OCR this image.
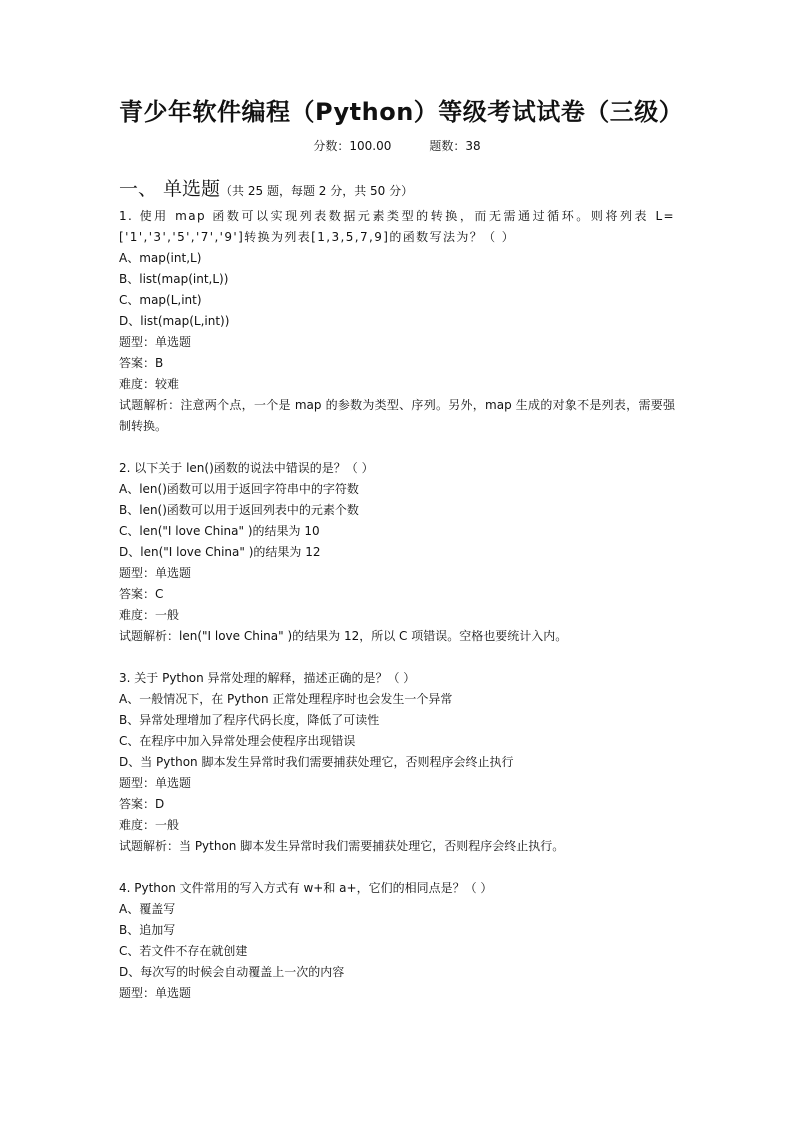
青少年软件编程（Python）等级考试试卷（三级）
分数：100.00	题数：38
一、 单选题（共 25 题，每题 2 分，共 50 分）
1. 使用 map 函数可以实现列表数据元素类型的转换，而无需通过循环。则将列表 L=['1','3','5','7','9']转换为列表[1,3,5,7,9]的函数写法为？（ ）
A、map(int,L)
B、list(map(int,L))
C、map(L,int)
D、list(map(L,int))
题型：单选题
答案：B
难度：较难
试题解析：注意两个点，一个是 map 的参数为类型、序列。另外，map 生成的对象不是列表，需要强制转换。
2. 以下关于 len()函数的说法中错误的是？（ ）
A、len()函数可以用于返回字符串中的字符数
B、len()函数可以用于返回列表中的元素个数
C、len("I love China" )的结果为 10
D、len("I love China" )的结果为 12
题型：单选题
答案：C
难度：一般
试题解析：len("I love China" )的结果为 12，所以 C 项错误。空格也要统计入内。
3. 关于 Python 异常处理的解释，描述正确的是？（ ）
A、一般情况下，在 Python 正常处理程序时也会发生一个异常
B、异常处理增加了程序代码长度，降低了可读性
C、在程序中加入异常处理会使程序出现错误
D、当 Python 脚本发生异常时我们需要捕获处理它，否则程序会终止执行
题型：单选题
答案：D
难度：一般
试题解析：当 Python 脚本发生异常时我们需要捕获处理它，否则程序会终止执行。
4. Python 文件常用的写入方式有 w+和 a+，它们的相同点是？（ ）
A、覆盖写
B、追加写
C、若文件不存在就创建
D、每次写的时候会自动覆盖上一次的内容
题型：单选题
